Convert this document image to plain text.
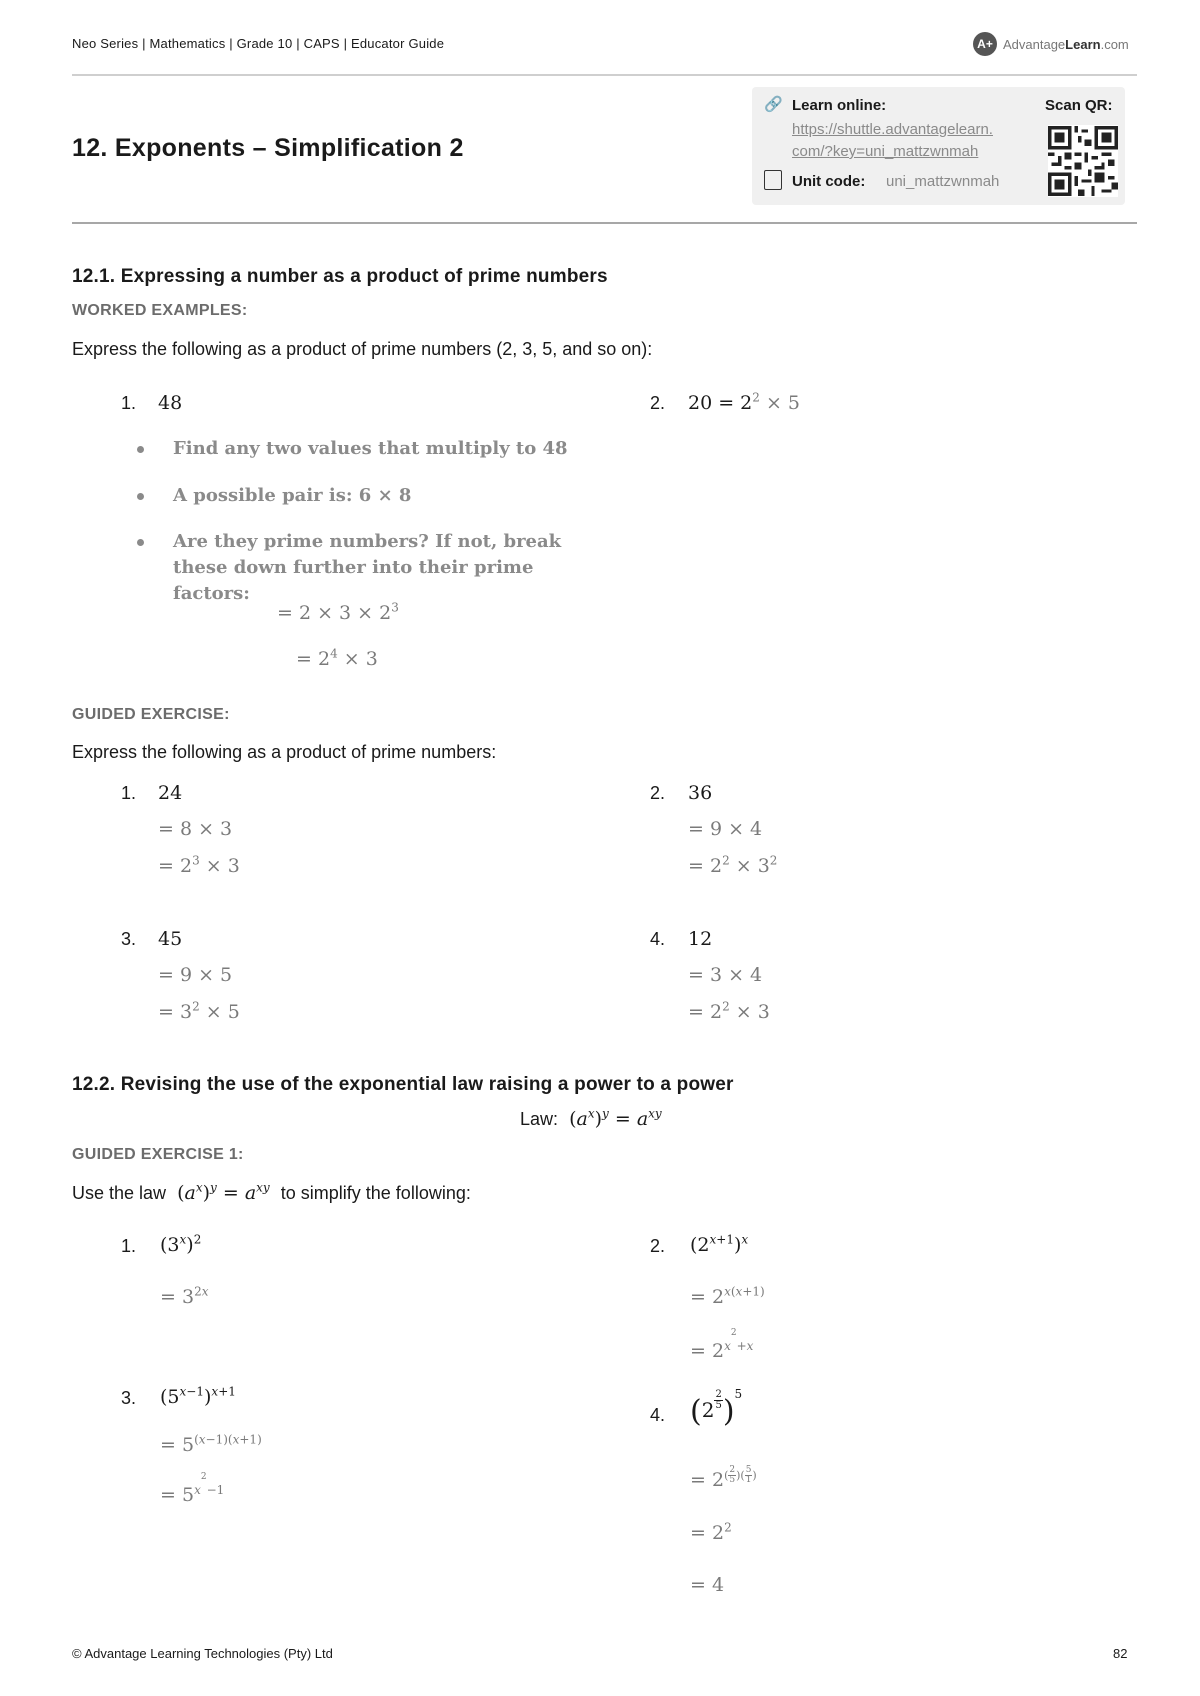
Neo Series | Mathematics | Grade 10 | CAPS | Educator Guide	A+ AdvantageLearn.com
12. Exponents – Simplification 2
🔗 Learn online:	Scan QR:
https://shuttle.advantagelearn.
com/?key=uni_mattzwnmah
Unit code: uni_mattzwnmah
12.1. Expressing a number as a product of prime numbers
WORKED EXAMPLES:
Express the following as a product of prime numbers (2, 3, 5, and so on):
1. 48	2. $20 = 2^2 \times 5$
Find any two values that multiply to 48
A possible pair is: 6 × 8
Are they prime numbers? If not, break these down further into their prime factors:
= $2 \times 3 \times 2^3$
= $2^4 \times 3$
GUIDED EXERCISE:
Express the following as a product of prime numbers:
1. 24
= 8 × 3
= $2^3 \times 3$
2. 36
= 9 × 4
= $2^2 \times 3^2$
3. 45
= 9 × 5
= $3^2 \times 5$
4. 12
= 3 × 4
= $2^2 \times 3$
12.2. Revising the use of the exponential law raising a power to a power
Law:  $(a^x)^y = a^{xy}$
GUIDED EXERCISE 1:
Use the law  $(a^x)^y = a^{xy}$ to simplify the following:
1. $(3^x)^2$
= $3^{2x}$
2. $(2^{x+1})^x$
= $2^{x(x+1)}$
= $2^{x^2+x}$
3. $(5^{x-1})^{x+1}$
= $5^{(x-1)(x+1)}$
= $5^{x^2-1}$
4. $(2 \frac{2}{5} )^5$
= $2^{( \frac{2}{5} )( \frac{5}{1} )}$
= $2^2$
= 4
© Advantage Learning Technologies (Pty) Ltd	82
